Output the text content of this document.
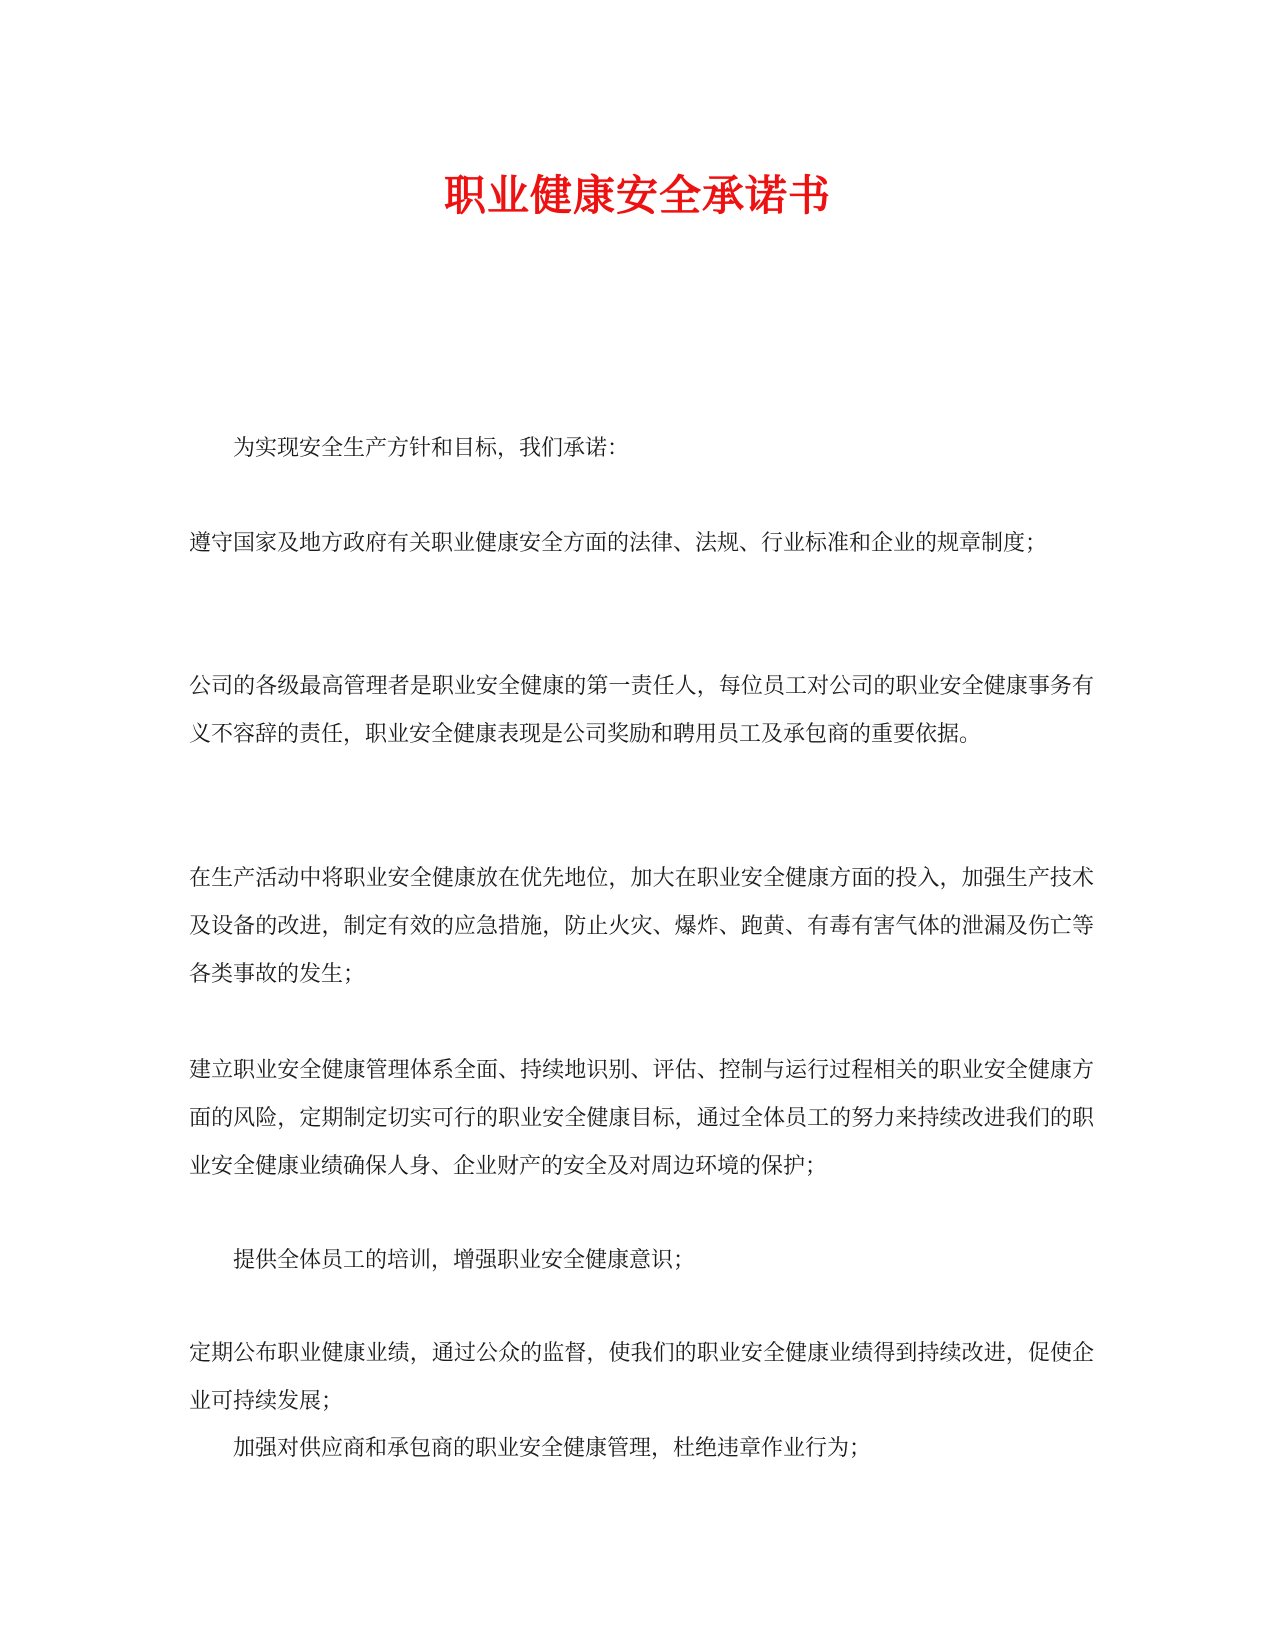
职业健康安全承诺书
为实现安全生产方针和目标，我们承诺：
遵守国家及地方政府有关职业健康安全方面的法律、法规、行业标准和企业的规章制度；
公司的各级最高管理者是职业安全健康的第一责任人，每位员工对公司的职业安全健康事务有义不容辞的责任，职业安全健康表现是公司奖励和聘用员工及承包商的重要依据。
在生产活动中将职业安全健康放在优先地位，加大在职业安全健康方面的投入，加强生产技术及设备的改进，制定有效的应急措施，防止火灾、爆炸、跑黄、有毒有害气体的泄漏及伤亡等各类事故的发生；
建立职业安全健康管理体系全面、持续地识别、评估、控制与运行过程相关的职业安全健康方面的风险，定期制定切实可行的职业安全健康目标，通过全体员工的努力来持续改进我们的职业安全健康业绩确保人身、企业财产的安全及对周边环境的保护；
提供全体员工的培训，增强职业安全健康意识；
定期公布职业健康业绩，通过公众的监督，使我们的职业安全健康业绩得到持续改进，促使企业可持续发展；
加强对供应商和承包商的职业安全健康管理，杜绝违章作业行为；
